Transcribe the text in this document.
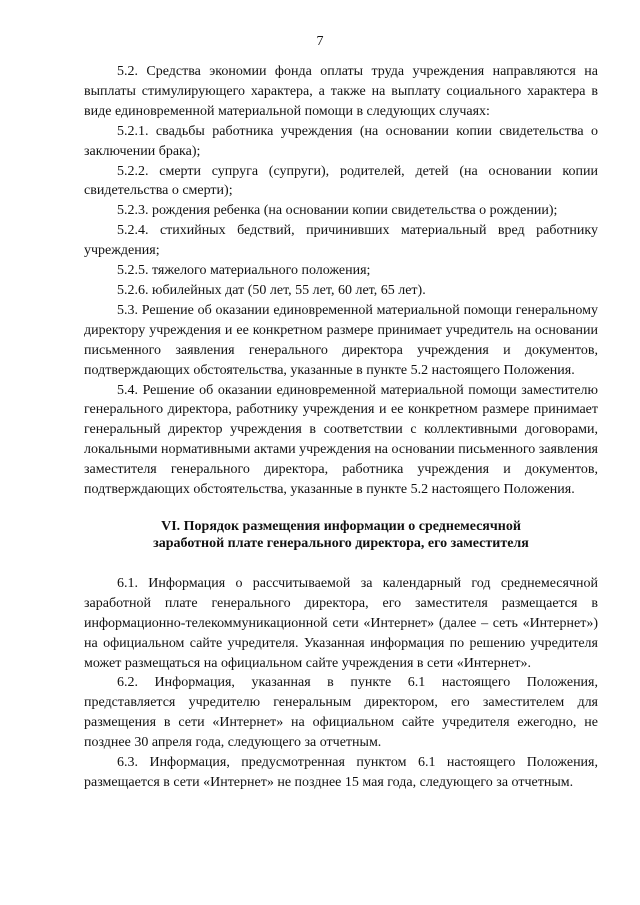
7

5.2. Средства экономии фонда оплаты труда учреждения направляются на выплаты стимулирующего характера, а также на выплату социального характера в виде единовременной материальной помощи в следующих случаях:

5.2.1. свадьбы работника учреждения (на основании копии свидетельства о заключении брака);

5.2.2. смерти супруга (супруги), родителей, детей (на основании копии свидетельства о смерти);

5.2.3. рождения ребенка (на основании копии свидетельства о рождении);

5.2.4. стихийных бедствий, причинивших материальный вред работнику учреждения;

5.2.5. тяжелого материального положения;

5.2.6. юбилейных дат (50 лет, 55 лет, 60 лет, 65 лет).

5.3. Решение об оказании единовременной материальной помощи генеральному директору учреждения и ее конкретном размере принимает учредитель на основании письменного заявления генерального директора учреждения и документов, подтверждающих обстоятельства, указанные в пункте 5.2 настоящего Положения.

5.4. Решение об оказании единовременной материальной помощи заместителю генерального директора, работнику учреждения и ее конкретном размере принимает генеральный директор учреждения в соответствии с коллективными договорами, локальными нормативными актами учреждения на основании письменного заявления заместителя генерального директора, работника учреждения и документов, подтверждающих обстоятельства, указанные в пункте 5.2 настоящего Положения.

VI. Порядок размещения информации о среднемесячной
заработной плате генерального директора, его заместителя

6.1. Информация о рассчитываемой за календарный год среднемесячной заработной плате генерального директора, его заместителя размещается в информационно-телекоммуникационной сети «Интернет» (далее – сеть «Интернет») на официальном сайте учредителя. Указанная информация по решению учредителя может размещаться на официальном сайте учреждения в сети «Интернет».

6.2. Информация, указанная в пункте 6.1 настоящего Положения, представляется учредителю генеральным директором, его заместителем для размещения в сети «Интернет» на официальном сайте учредителя ежегодно, не позднее 30 апреля года, следующего за отчетным.

6.3. Информация, предусмотренная пунктом 6.1 настоящего Положения, размещается в сети «Интернет» не позднее 15 мая года, следующего за отчетным.
